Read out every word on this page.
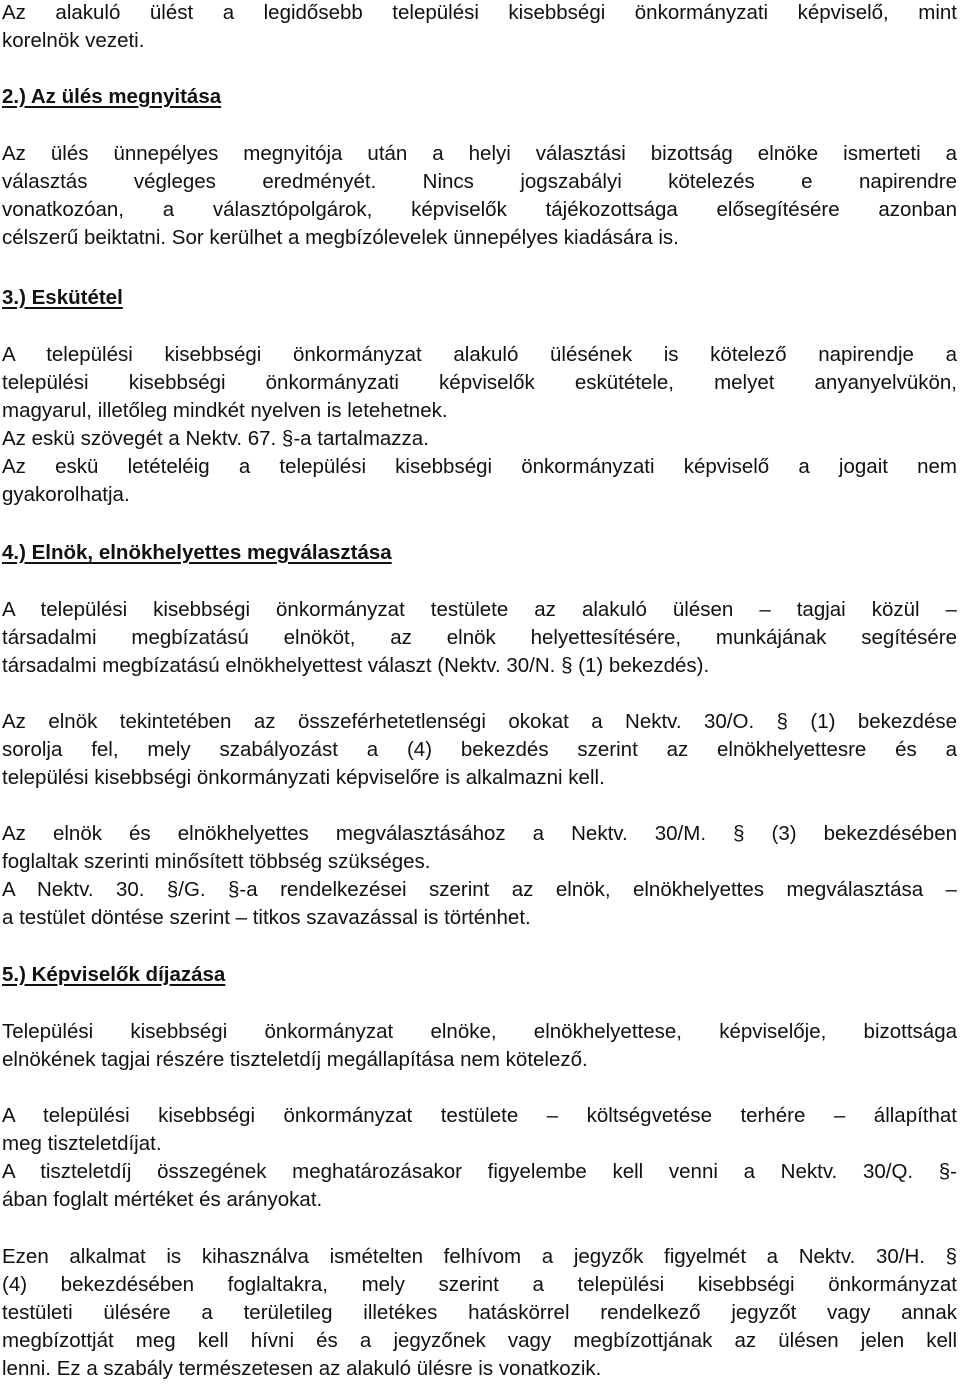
Az alakuló ülést a legidősebb települési kisebbségi önkormányzati képviselő, mint
korelnök vezeti.
2.) Az ülés megnyitása
Az ülés ünnepélyes megnyitója után a helyi választási bizottság elnöke ismerteti a
választás végleges eredményét. Nincs jogszabályi kötelezés e napirendre
vonatkozóan, a választópolgárok, képviselők tájékozottsága elősegítésére azonban
célszerű beiktatni. Sor kerülhet a megbízólevelek ünnepélyes kiadására is.
3.) Eskütétel
A települési kisebbségi önkormányzat alakuló ülésének is kötelező napirendje a
települési kisebbségi önkormányzati képviselők eskütétele, melyet anyanyelvükön,
magyarul, illetőleg mindkét nyelven is letehetnek.
Az eskü szövegét a Nektv. 67. §-a tartalmazza.
Az eskü letételéig a települési kisebbségi önkormányzati képviselő a jogait nem
gyakorolhatja.
4.) Elnök, elnökhelyettes megválasztása
A települési kisebbségi önkormányzat testülete az alakuló ülésen – tagjai közül –
társadalmi megbízatású elnököt, az elnök helyettesítésére, munkájának segítésére
társadalmi megbízatású elnökhelyettest választ (Nektv. 30/N. § (1) bekezdés).
Az elnök tekintetében az összeférhetetlenségi okokat a Nektv. 30/O. § (1) bekezdése
sorolja fel, mely szabályozást a (4) bekezdés szerint az elnökhelyettesre és a
települési kisebbségi önkormányzati képviselőre is alkalmazni kell.
Az elnök és elnökhelyettes megválasztásához a Nektv. 30/M. § (3) bekezdésében
foglaltak szerinti minősített többség szükséges.
A Nektv. 30. §/G. §-a rendelkezései szerint az elnök, elnökhelyettes megválasztása –
a testület döntése szerint – titkos szavazással is történhet.
5.) Képviselők díjazása
Települési kisebbségi önkormányzat elnöke, elnökhelyettese, képviselője, bizottsága
elnökének tagjai részére tiszteletdíj megállapítása nem kötelező.
A települési kisebbségi önkormányzat testülete – költségvetése terhére – állapíthat
meg tiszteletdíjat.
A tiszteletdíj összegének meghatározásakor figyelembe kell venni a Nektv. 30/Q. §-
ában foglalt mértéket és arányokat.
Ezen alkalmat is kihasználva ismételten felhívom a jegyzők figyelmét a Nektv. 30/H. §
(4) bekezdésében foglaltakra, mely szerint a települési kisebbségi önkormányzat
testületi ülésére a területileg illetékes hatáskörrel rendelkező jegyzőt vagy annak
megbízottját meg kell hívni és a jegyzőnek vagy megbízottjának az ülésen jelen kell
lenni. Ez a szabály természetesen az alakuló ülésre is vonatkozik.
